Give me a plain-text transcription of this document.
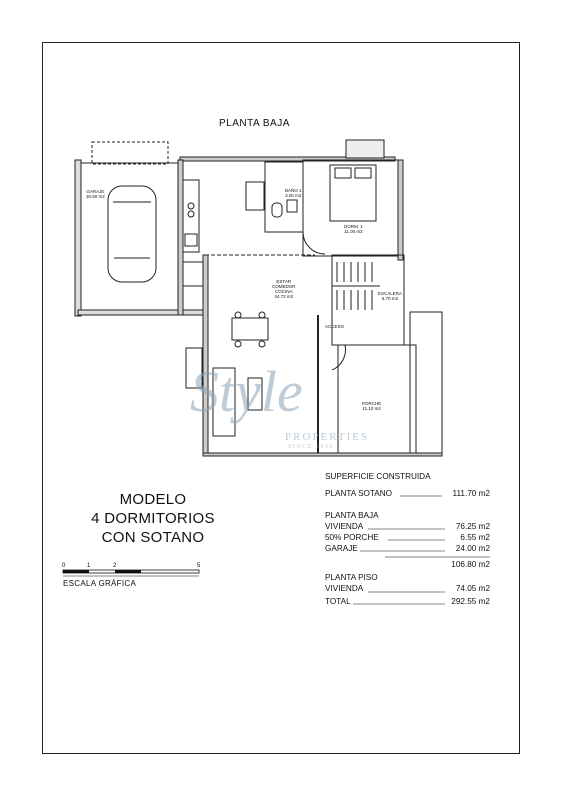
PLANTA BAJA
GARAJE
30.50 m2
BAÑO 1
3.00 m2
DORM. 1
11.00 m2
ESTAR
COMEDOR
COCINA
44.72 m2
ESCALERA
6.70 m2
ACCESO
PORCHE
11.10 m2
Style
PROPERTIES
SINCE 1996
MODELO
4 DORMITORIOS
CON SOTANO
0	1	2	5
ESCALA GRÁFICA
SUPERFICIE CONSTRUIDA
PLANTA SOTANO	111.70 m2
PLANTA BAJA
VIVIENDA	76.25 m2
50% PORCHE	6.55 m2
GARAJE	24.00 m2
106.80 m2
PLANTA PISO
VIVIENDA	74.05 m2
TOTAL	292.55 m2
